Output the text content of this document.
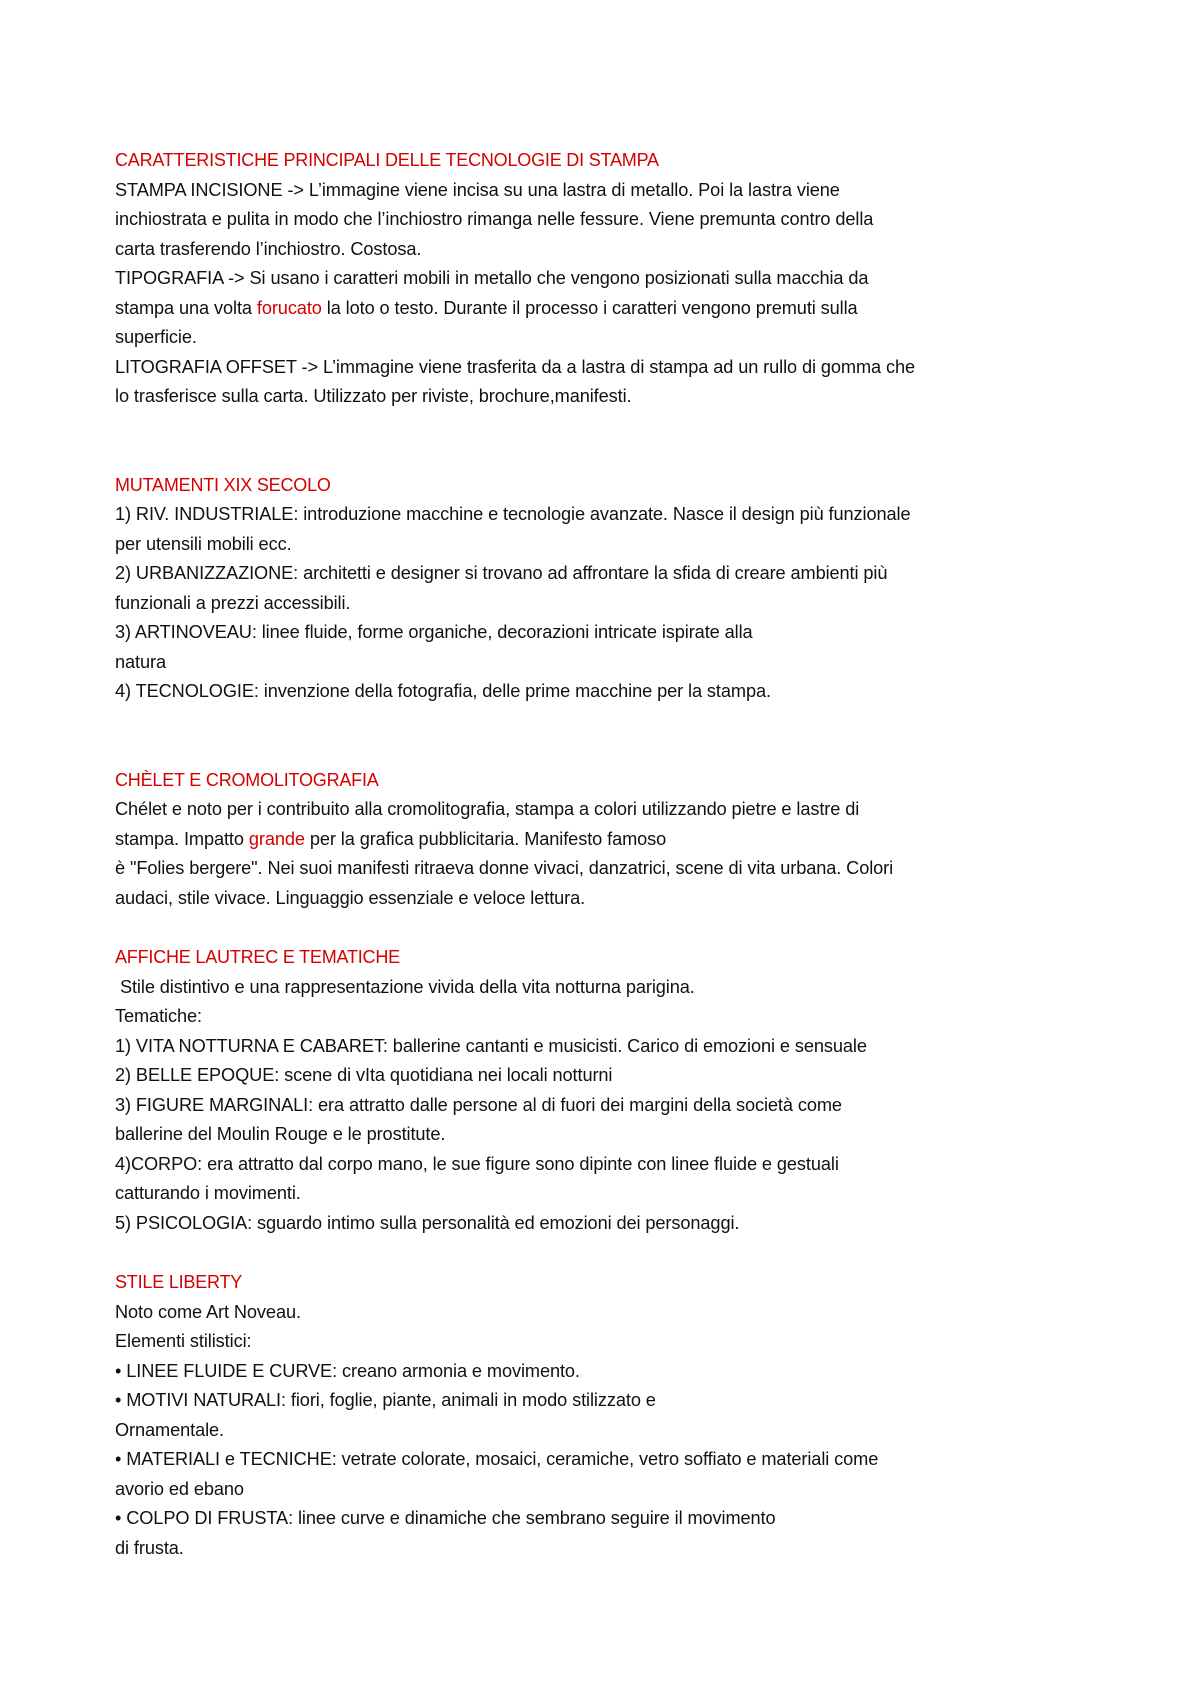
CARATTERISTICHE PRINCIPALI DELLE TECNOLOGIE DI STAMPA
STAMPA INCISIONE -> L’immagine viene incisa su una lastra di metallo. Poi la lastra viene
inchiostrata e pulita in modo che l’inchiostro rimanga nelle fessure. Viene premunta contro della
carta trasferendo l’inchiostro. Costosa.
TIPOGRAFIA -> Si usano i caratteri mobili in metallo che vengono posizionati sulla macchia da
stampa una volta forucato la loto o testo. Durante il processo i caratteri vengono premuti sulla
superficie.
LITOGRAFIA OFFSET -> L’immagine viene trasferita da a lastra di stampa ad un rullo di gomma che
lo trasferisce sulla carta. Utilizzato per riviste, brochure,manifesti.
MUTAMENTI XIX SECOLO
1) RIV. INDUSTRIALE: introduzione macchine e tecnologie avanzate. Nasce il design più funzionale
per utensili mobili ecc.
2) URBANIZZAZIONE: architetti e designer si trovano ad affrontare la sfida di creare ambienti più
funzionali a prezzi accessibili.
3) ARTINOVEAU: linee fluide, forme organiche, decorazioni intricate ispirate alla
natura
4) TECNOLOGIE: invenzione della fotografia, delle prime macchine per la stampa.
CHÈLET E CROMOLITOGRAFIA
Chélet e noto per i contribuito alla cromolitografia, stampa a colori utilizzando pietre e lastre di
stampa. Impatto grande per la grafica pubblicitaria. Manifesto famoso
è "Folies bergere". Nei suoi manifesti ritraeva donne vivaci, danzatrici, scene di vita urbana. Colori
audaci, stile vivace. Linguaggio essenziale e veloce lettura.
AFFICHE LAUTREC E TEMATICHE
Stile distintivo e una rappresentazione vivida della vita notturna parigina.
Tematiche:
1) VITA NOTTURNA E CABARET: ballerine cantanti e musicisti. Carico di emozioni e sensuale
2) BELLE EPOQUE: scene di vIta quotidiana nei locali notturni
3) FIGURE MARGINALI: era attratto dalle persone al di fuori dei margini della società come
ballerine del Moulin Rouge e le prostitute.
4)CORPO: era attratto dal corpo mano, le sue figure sono dipinte con linee fluide e gestuali
catturando i movimenti.
5) PSICOLOGIA: sguardo intimo sulla personalità ed emozioni dei personaggi.
STILE LIBERTY
Noto come Art Noveau.
Elementi stilistici:
• LINEE FLUIDE E CURVE: creano armonia e movimento.
• MOTIVI NATURALI: fiori, foglie, piante, animali in modo stilizzato e
Ornamentale.
• MATERIALI e TECNICHE: vetrate colorate, mosaici, ceramiche, vetro soffiato e materiali come
avorio ed ebano
• COLPO DI FRUSTA: linee curve e dinamiche che sembrano seguire il movimento
di frusta.
